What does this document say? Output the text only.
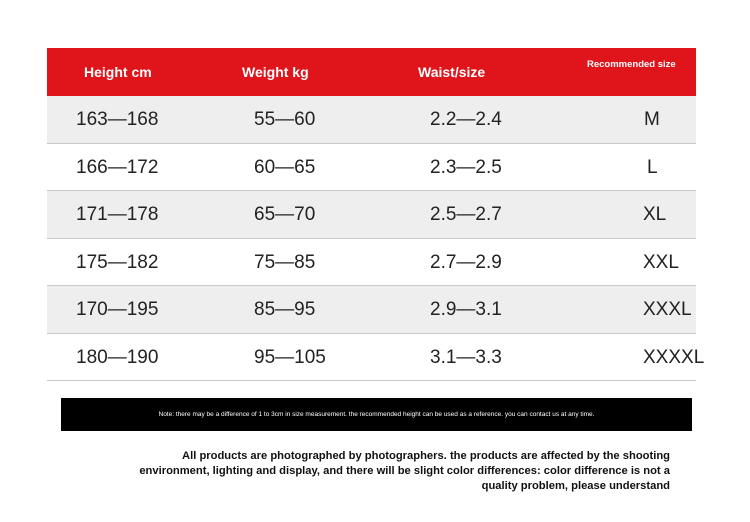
Height cm	Weight kg	Waist/size	Recommended size
163—168	55—60	2.2—2.4	M
166—172	60—65	2.3—2.5	L
171—178	65—70	2.5—2.7	XL
175—182	75—85	2.7—2.9	XXL
170—195	85—95	2.9—3.1	XXXL
180—190	95—105	3.1—3.3	XXXXL
Note: there may be a difference of 1 to 3cm in size measurement. the recommended height can be used as a reference. you can contact us at any time.
All products are photographed by photographers. the products are affected by the shooting
environment, lighting and display, and there will be slight color differences: color difference is not a
quality problem, please understand
